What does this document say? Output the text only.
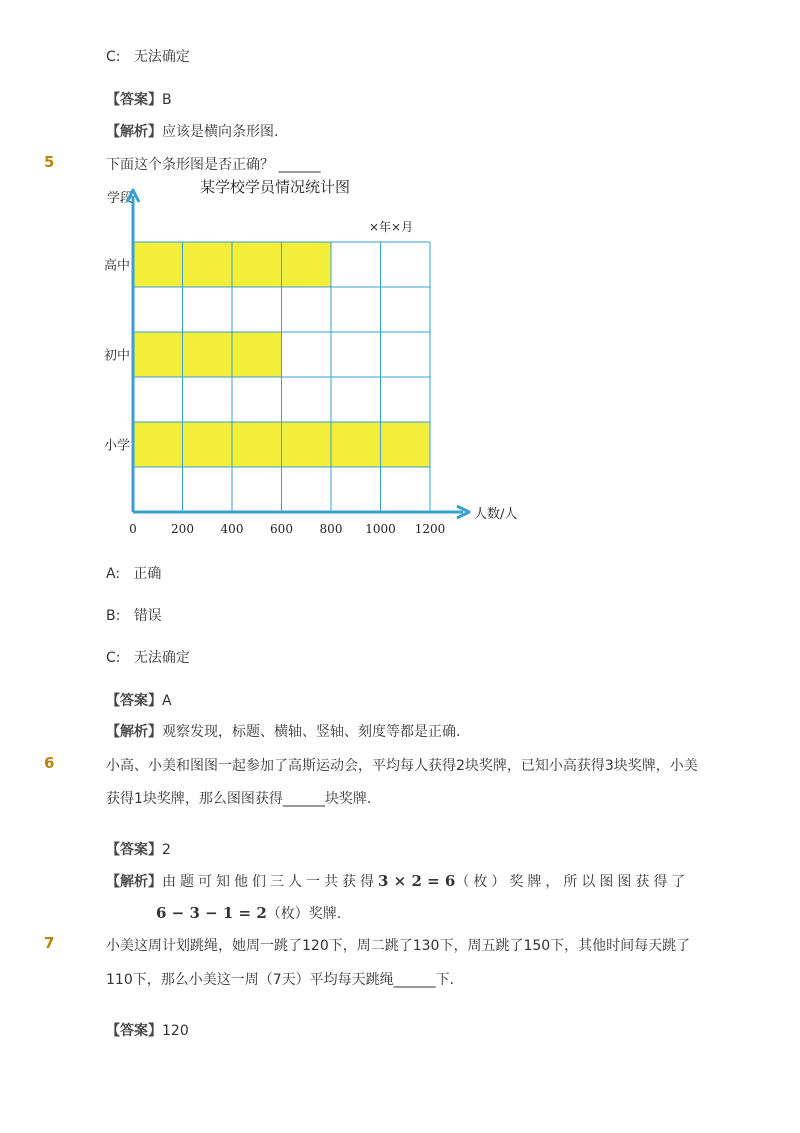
C: 无法确定
【答案】B
【解析】应该是横向条形图.
5	下面这个条形图是否正确？ ______
某学校学员情况统计图
学段
×年×月
人数/人
高中
初中
小学
0	200 400 600 800 1000 1200
A: 正确
B: 错误
C: 无法确定
【答案】A
【解析】观察发现，标题、横轴、竖轴、刻度等都是正确.
6	小高、小美和图图一起参加了高斯运动会，平均每人获得2块奖牌，已知小高获得3块奖牌，小美
获得1块奖牌，那么图图获得______块奖牌.
【答案】2
【解析】由题可知他们三人一共获得3 × 2 = 6（枚）奖牌，所以图图获得了
6 − 3 − 1 = 2（枚）奖牌.
7	小美这周计划跳绳，她周一跳了120下，周二跳了130下，周五跳了150下，其他时间每天跳了
110下，那么小美这一周（7天）平均每天跳绳______下.
【答案】120
